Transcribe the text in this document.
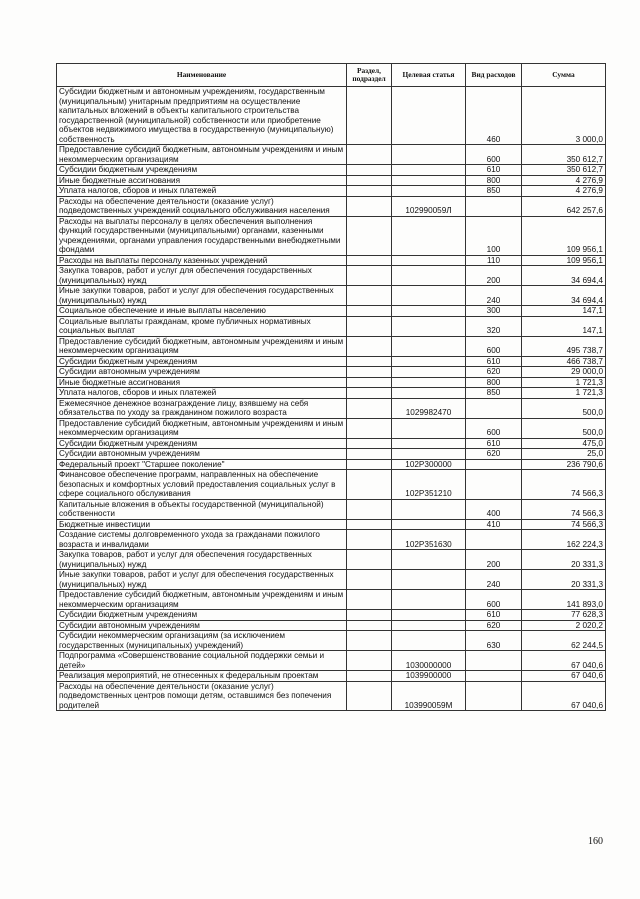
Наименование	Раздел, подраздел	Целевая статья	Вид расходов	Сумма
Субсидии бюджетным и автономным учреждениям, государственным (муниципальным) унитарным предприятиям на осуществление капитальных вложений в объекты капитального строительства государственной (муниципальной) собственности или приобретение объектов недвижимого имущества в государственную (муниципальную) собственность			460	3 000,0
Предоставление субсидий бюджетным, автономным учреждениям и иным некоммерческим организациям			600	350 612,7
Субсидии бюджетным учреждениям			610	350 612,7
Иные бюджетные ассигнования			800	4 276,9
Уплата налогов, сборов и иных платежей			850	4 276,9
Расходы на обеспечение деятельности (оказание услуг) подведомственных учреждений социального обслуживания населения		102990059Л		642 257,6
Расходы на выплаты персоналу в целях обеспечения выполнения функций государственными (муниципальными) органами, казенными учреждениями, органами управления государственными внебюджетными фондами			100	109 956,1
Расходы на выплаты персоналу казенных учреждений			110	109 956,1
Закупка товаров, работ и услуг для обеспечения государственных (муниципальных) нужд			200	34 694,4
Иные закупки товаров, работ и услуг для обеспечения государственных (муниципальных) нужд			240	34 694,4
Социальное обеспечение и иные выплаты населению			300	147,1
Социальные выплаты гражданам, кроме публичных нормативных социальных выплат			320	147,1
Предоставление субсидий бюджетным, автономным учреждениям и иным некоммерческим организациям			600	495 738,7
Субсидии бюджетным учреждениям			610	466 738,7
Субсидии автономным учреждениям			620	29 000,0
Иные бюджетные ассигнования			800	1 721,3
Уплата налогов, сборов и иных платежей			850	1 721,3
Ежемесячное денежное вознаграждение лицу, взявшему на себя обязательства по уходу за гражданином пожилого возраста		1029982470		500,0
Предоставление субсидий бюджетным, автономным учреждениям и иным некоммерческим организациям			600	500,0
Субсидии бюджетным учреждениям			610	475,0
Субсидии автономным учреждениям			620	25,0
Федеральный проект "Старшее поколение"		102P300000		236 790,6
Финансовое обеспечение программ, направленных на обеспечение безопасных и комфортных условий предоставления социальных услуг в сфере социального обслуживания		102P351210		74 566,3
Капитальные вложения в объекты государственной (муниципальной) собственности			400	74 566,3
Бюджетные инвестиции			410	74 566,3
Создание системы долговременного ухода за гражданами пожилого возраста и инвалидами		102P351630		162 224,3
Закупка товаров, работ и услуг для обеспечения государственных (муниципальных) нужд			200	20 331,3
Иные закупки товаров, работ и услуг для обеспечения государственных (муниципальных) нужд			240	20 331,3
Предоставление субсидий бюджетным, автономным учреждениям и иным некоммерческим организациям			600	141 893,0
Субсидии бюджетным учреждениям			610	77 628,3
Субсидии автономным учреждениям			620	2 020,2
Субсидии некоммерческим организациям (за исключением государственных (муниципальных) учреждений)			630	62 244,5
Подпрограмма «Совершенствование социальной поддержки семьи и детей»		1030000000		67 040,6
Реализация мероприятий, не отнесенных к федеральным проектам		1039900000		67 040,6
Расходы на обеспечение деятельности (оказание услуг) подведомственных центров помощи детям, оставшимся без попечения родителей		103990059М		67 040,6
160
